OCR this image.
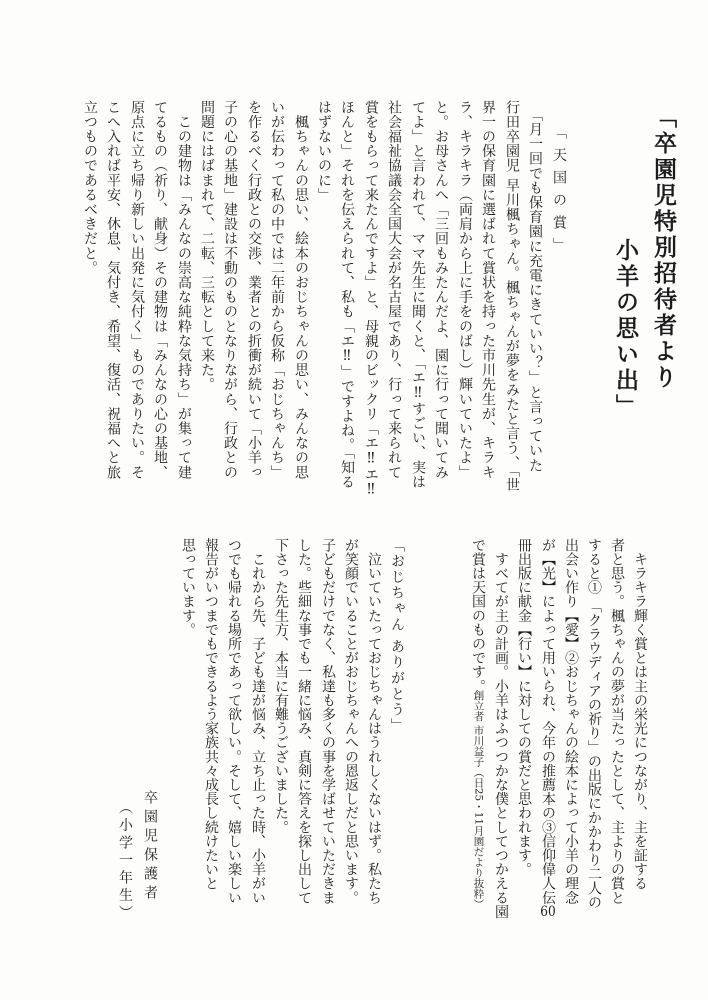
「卒園児特別招待者より
小羊の思い出」
「天国の賞」
　「月一回でも保育園に充電にきていい？」と言っていた
行田卒園児 早川楓ちゃん。楓ちゃんが夢をみたと言う、「世
界一の保育園に選ばれて賞状を持った市川先生が、キラキ
ラ、キラキラ（両肩から上に手をのばし）輝いていたよ」
と。お母さんへ「三回もみたんだよ、園に行って聞いてみ
てよ」と言われて、ママ先生に聞くと、「エ‼すごい、実は
社会福祉協議会全国大会が名古屋であり、行って来られて
賞をもらって来たんですよ」と、母親のビックリ「エ‼エ‼
ほんと」それを伝えられて、私も「エ‼」ですよね。「知る
はずないのに」
　楓ちゃんの思い、絵本のおじちゃんの思い、みんなの思
いが伝わって私の中では二年前から仮称「おじちゃんち」
を作るべく行政との交渉、業者との折衝が続いて「小羊っ
子の心の基地」建設は不動のものとなりながら、行政との
問題にはばまれて、二転、三転として来た。
　この建物は「みんなの崇高な純粋な気持ち」が集って建
てるもの（祈り、献身）その建物は「みんなの心の基地、
原点に立ち帰り新しい出発に気付く」ものでありたい。そ
こへ入れば平安、休息、気付き、希望、復活、祝福へと旅
立つものであるべきだと。
　キラキラ輝く賞とは主の栄光につながり、主を証する
者と思う。楓ちゃんの夢が当たったとして、主よりの賞と
すると① 「クラウディアの祈り」の出版にかかわり二人の
出会い作り【愛】②おじちゃんの絵本によって小羊の理念
が【光】によって用いられ、今年の推薦本の③信仰偉人伝60
冊出版に献金【行い】に対しての賞だと思われます。
　すべてが主の計画。小羊はふつつかな僕としてつかえる園
で賞は天国のものです。
創立者 市川益子（日25・11月園だより抜粋）
「おじちゃん ありがとう」
　泣いていたっておじちゃんはうれしくないはず。私たち
が笑顔でいることがおじちゃんへの恩返しだと思います。
子どもだけでなく、私達も多くの事を学ばせていただきま
した。些細な事でも一緒に悩み、真剣に答えを探し出して
下さった先生方、本当に有難うございました。
　これから先、子ども達が悩み、立ち止った時、小羊がい
つでも帰れる場所であって欲しい。そして、嬉しい楽しい
報告がいつまでもできるよう家族共々成長し続けたいと
思っています。
卒園児保護者
（小学一年生）
